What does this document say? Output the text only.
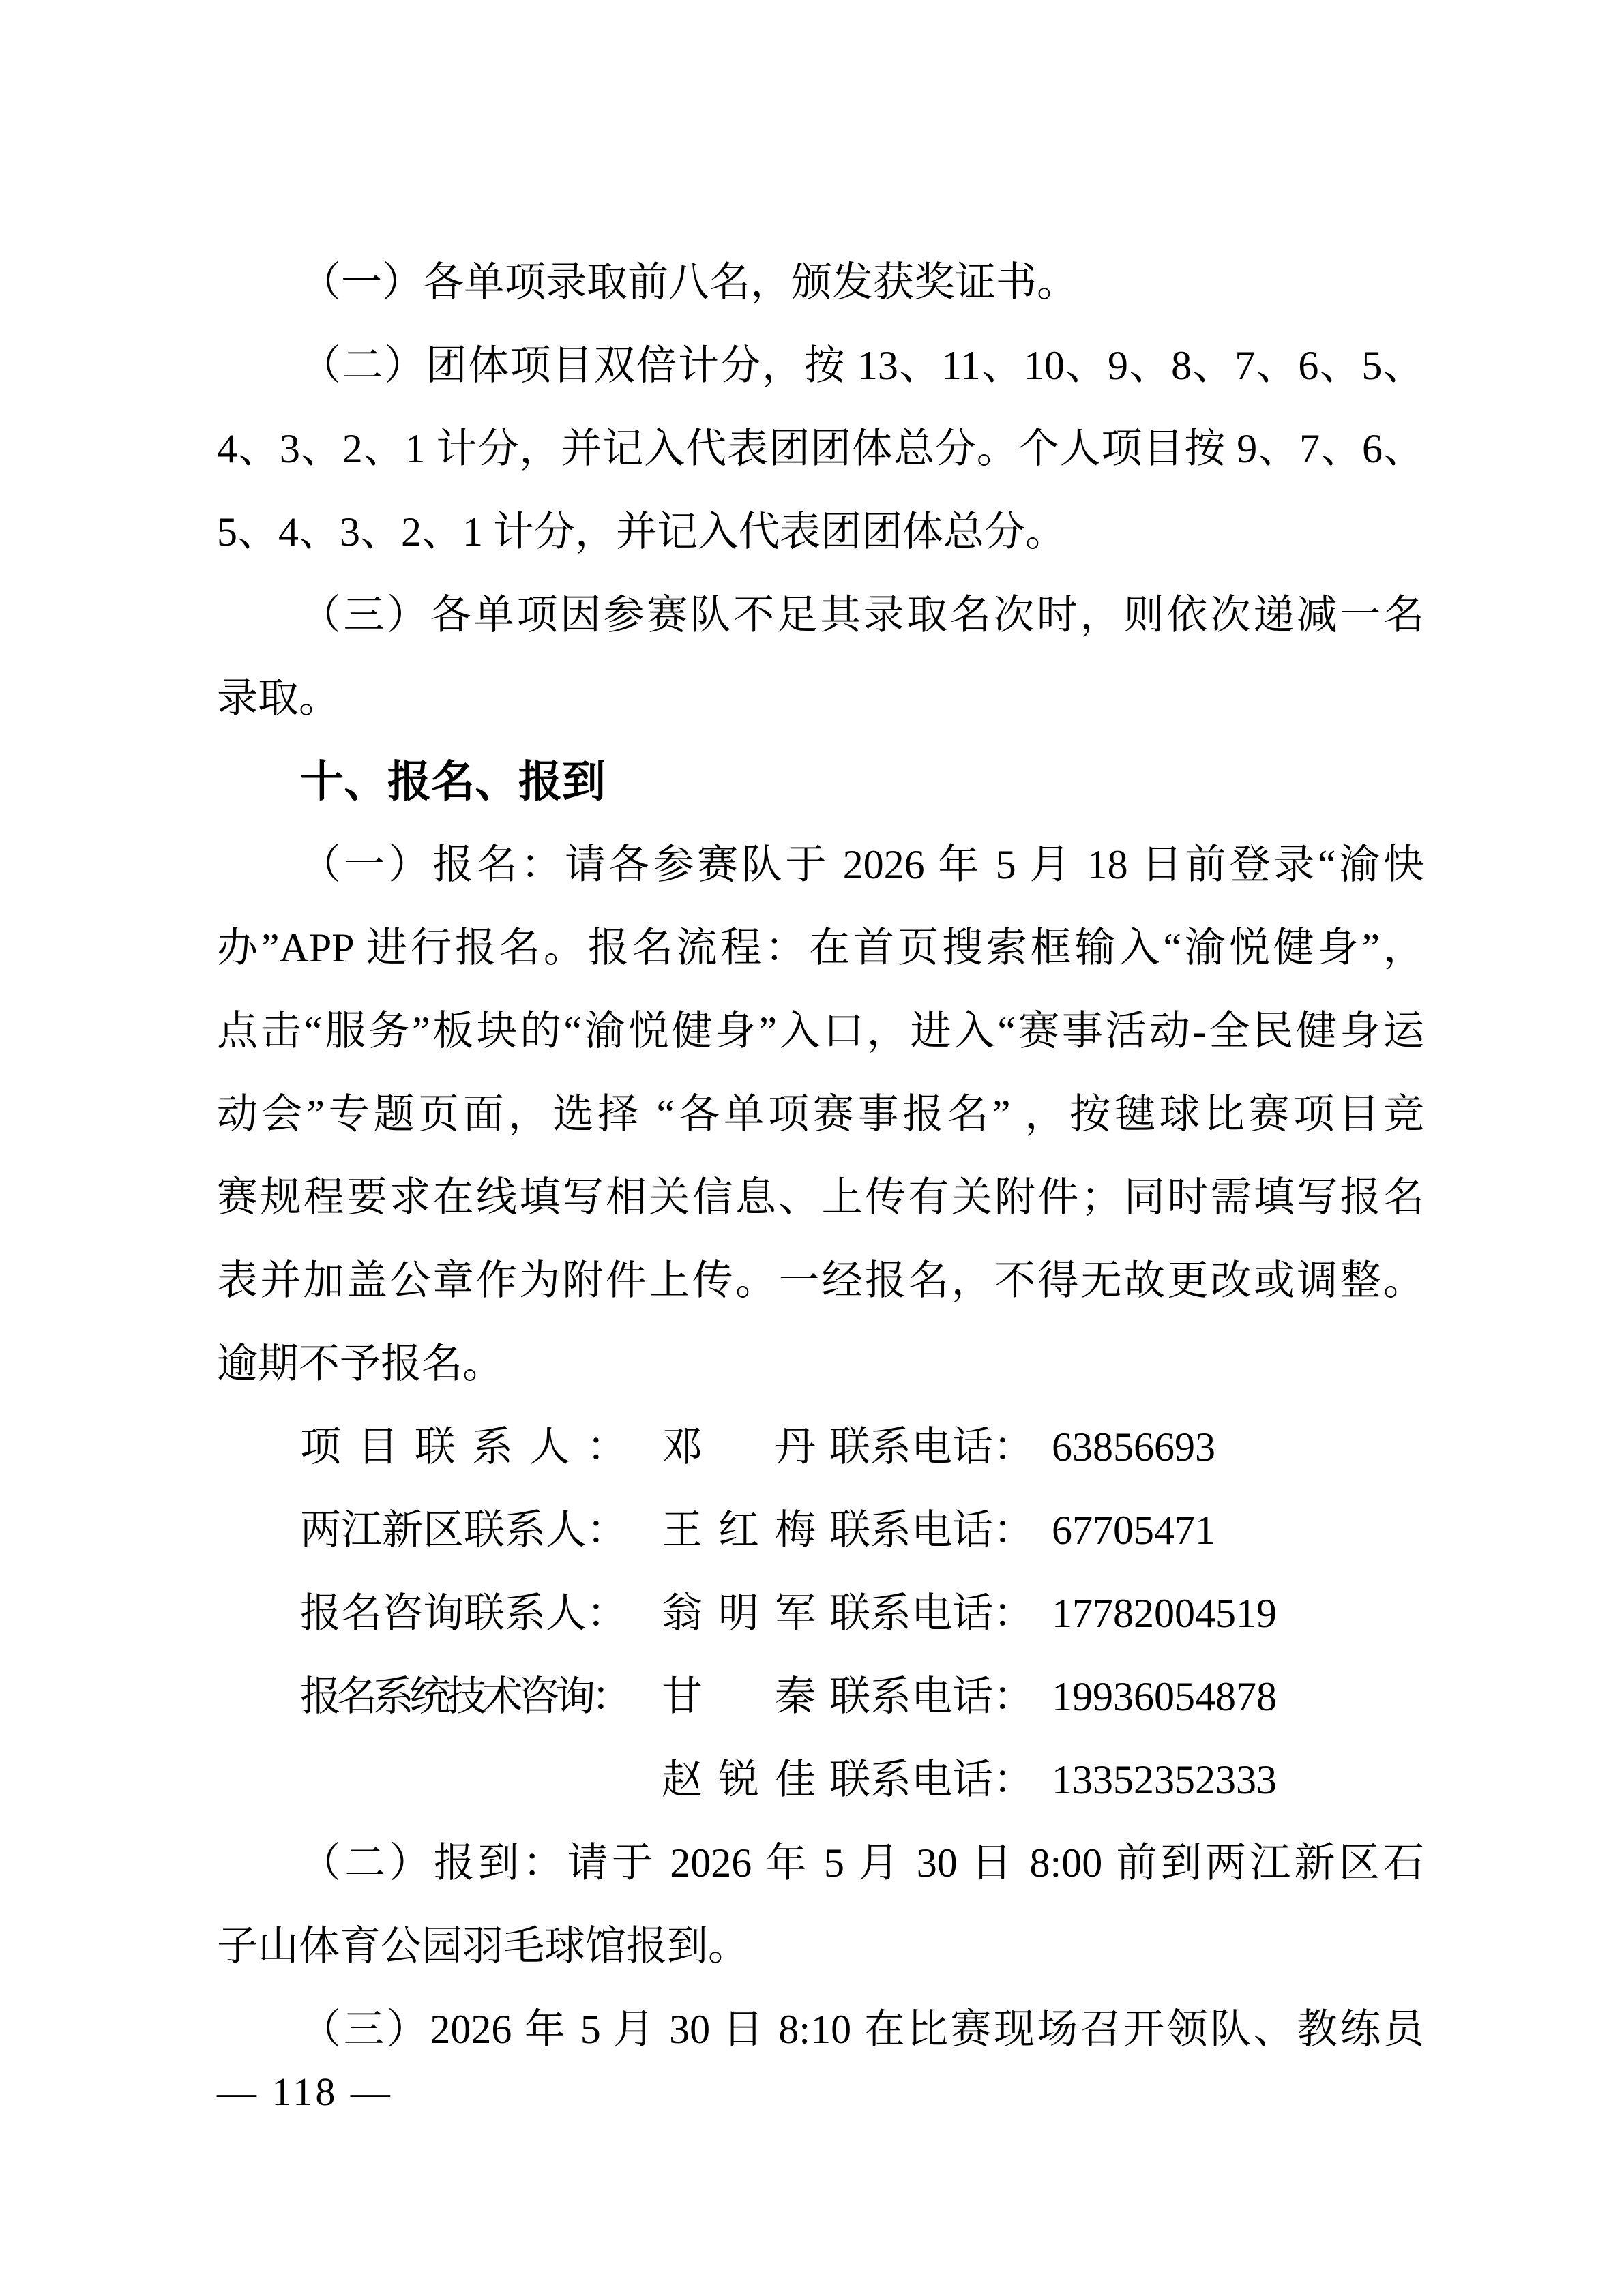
（一）各单项录取前八名，颁发获奖证书。
（二）团体项目双倍计分，按 13、11、10、9、8、7、6、5、
4、3、2、1 计分，并记入代表团团体总分。个人项目按 9、7、6、
5、4、3、2、1 计分，并记入代表团团体总分。
（三）各单项因参赛队不足其录取名次时，则依次递减一名
录取。
十、报名、报到
（一）报名：请各参赛队于 2026 年 5 月 18 日前登录“渝快
办”APP 进行报名。报名流程：在首页搜索框输入“渝悦健身”，
点击“服务”板块的“渝悦健身”入口，进入“赛事活动-全民健身运
动会”专题页面，选择 “各单项赛事报名” ，按毽球比赛项目竞
赛规程要求在线填写相关信息、上传有关附件；同时需填写报名
表并加盖公章作为附件上传。一经报名，不得无故更改或调整。
逾期不予报名。
项目联系人： 邓丹 联系电话： 63856693
两江新区联系人： 王红梅 联系电话： 67705471
报名咨询联系人： 翁明军 联系电话： 17782004519
报名系统技术咨询： 甘秦 联系电话： 19936054878
赵锐佳 联系电话： 13352352333
（二）报到：请于 2026 年 5 月 30 日 8:00 前到两江新区石
子山体育公园羽毛球馆报到。
（三）2026 年 5 月 30 日 8:10 在比赛现场召开领队、教练员
— 118 —
